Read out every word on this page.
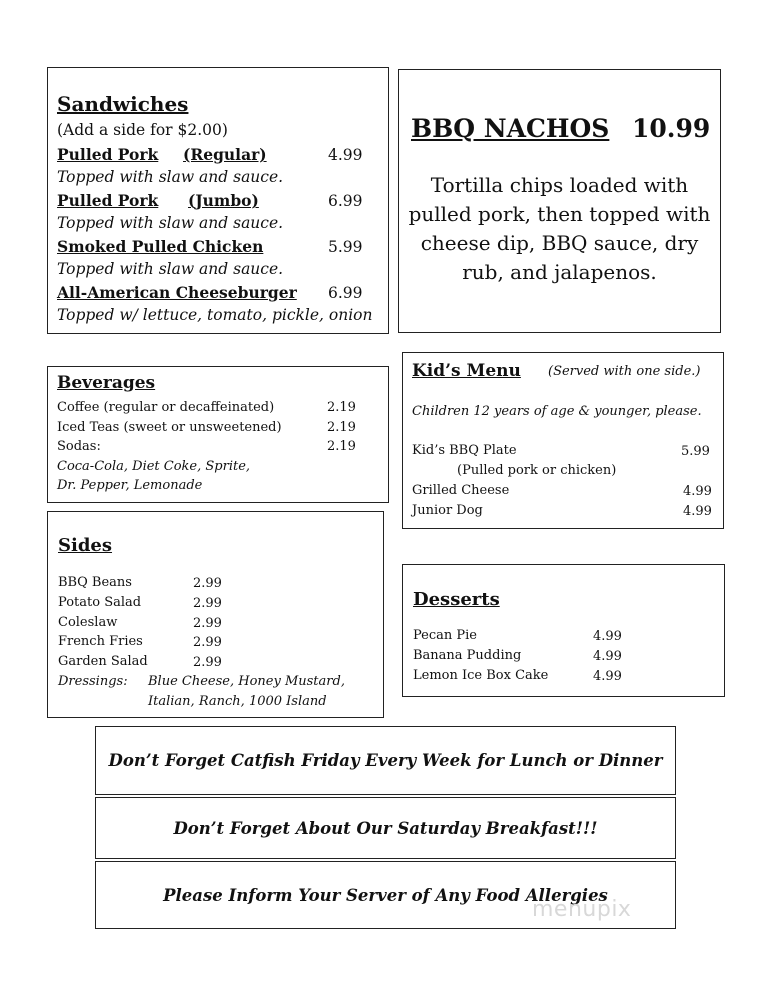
Sandwiches
(Add a side for $2.00)
Pulled Pork (Regular)	4.99
Topped with slaw and sauce.
Pulled Pork (Jumbo)	6.99
Topped with slaw and sauce.
Smoked Pulled Chicken	5.99
Topped with slaw and sauce.
All-American Cheeseburger 6.99
Topped w/ lettuce, tomato, pickle, onion
BBQ NACHOS 10.99
Tortilla chips loaded with pulled pork, then topped with cheese dip, BBQ sauce, dry rub, and jalapenos.
Beverages
Coffee (regular or decaffeinated)	2.19
Iced Teas (sweet or unsweetened)	2.19
Sodas:	2.19
Coca-Cola, Diet Coke, Sprite,
Dr. Pepper, Lemonade
Kid’s Menu (Served with one side.)
Children 12 years of age & younger, please.
Kid’s BBQ Plate	5.99
(Pulled pork or chicken)
Grilled Cheese	4.99
Junior Dog	4.99
Sides
BBQ Beans	2.99
Potato Salad	2.99
Coleslaw	2.99
French Fries	2.99
Garden Salad	2.99
Dressings: Blue Cheese, Honey Mustard,
Italian, Ranch, 1000 Island
Desserts
Pecan Pie	4.99
Banana Pudding	4.99
Lemon Ice Box Cake	4.99
Don’t Forget Catfish Friday Every Week for Lunch or Dinner
Don’t Forget About Our Saturday Breakfast!!!
Please Inform Your Server of Any Food Allergies
menupix
